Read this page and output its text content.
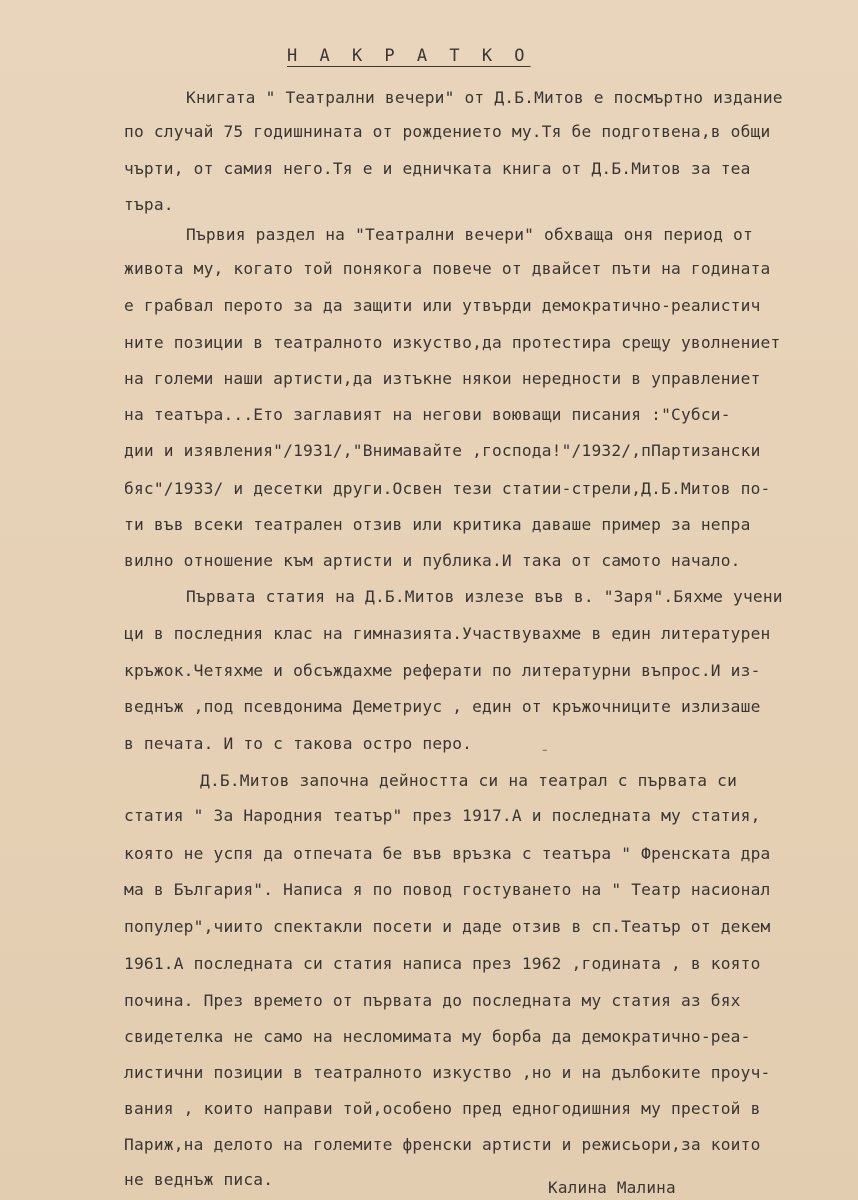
Н А К Р А Т К О
Книгата " Театрални вечери" от Д.Б.Митов е посмъртно издание
по случай 75 годишнината от рождението му.Тя бе подготвена,в общи
чърти, от самия него.Тя е и едничката книга от Д.Б.Митов за теа
търа.
Първия раздел на "Театрални вечери" обхваща оня период от
живота му, когато той понякога повече от двайсет пъти на годината
е грабвал перото за да защити или утвърди демократично-реалистич
ните позиции в театралното изкуство,да протестира срещу уволнениет
на големи наши артисти,да изтъкне някои нередности в управлениет
на театъра...Ето заглавият на негови воюващи писания :"Субси-
дии и изявления"/1931/,"Внимавайте ,господа!"/1932/,пПартизански
бяс"/1933/ и десетки други.Освен тези статии-стрели,Д.Б.Митов по-
ти във всеки театрален отзив или критика даваше пример за непра
вилно отношение към артисти и публика.И така от самото начало.
Първата статия на Д.Б.Митов излезе във в. "Заря".Бяхме учени
ци в последния клас на гимназията.Участвувахме в един литературен
кръжок.Четяхме и обсъждахме реферати по литературни въпрос.И из-
веднъж ,под псевдонима Деметриус , един от кръжочниците излизаше
в печата. И то с такова остро перо.
Д.Б.Митов започна дейността си на театрал с първата си
статия " За Народния театър" през 1917.А и последната му статия,
която не успя да отпечата бе във връзка с театъра " Френската дра
ма в България". Написа я по повод гостуването на " Театр насионал
популер",чиито спектакли посети и даде отзив в сп.Театър от декем
1961.А последната си статия написа през 1962 ,годината , в която
почина. През времето от първата до последната му статия аз бях
свидетелка не само на несломимата му борба да демократично-реа-
листични позиции в театралното изкуство ,но и на дълбоките проуч-
вания , които направи той,особено пред едногодишния му престой в
Париж,на делото на големите френски артисти и режисьори,за които
не веднъж писа.	Калина Малина
-
